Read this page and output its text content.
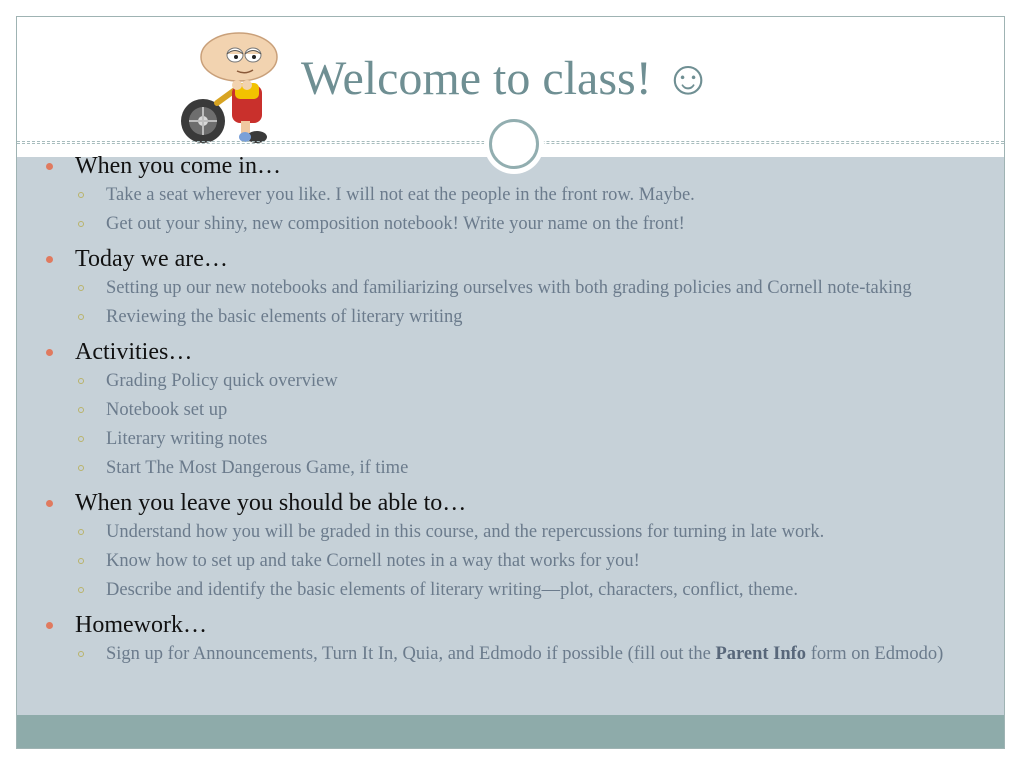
Welcome to class! ☺
When you come in…
Take a seat wherever you like. I will not eat the people in the front row. Maybe.
Get out your shiny, new composition notebook! Write your name on the front!
Today we are…
Setting up our new notebooks and familiarizing ourselves with both grading policies and Cornell note-taking
Reviewing the basic elements of literary writing
Activities…
Grading Policy quick overview
Notebook set up
Literary writing notes
Start The Most Dangerous Game, if time
When you leave you should be able to…
Understand how you will be graded in this course, and the repercussions for turning in late work.
Know how to set up and take Cornell notes in a way that works for you!
Describe and identify the basic elements of literary writing—plot, characters, conflict, theme.
Homework…
Sign up for Announcements, Turn It In, Quia, and Edmodo if possible (fill out the Parent Info form on Edmodo)
